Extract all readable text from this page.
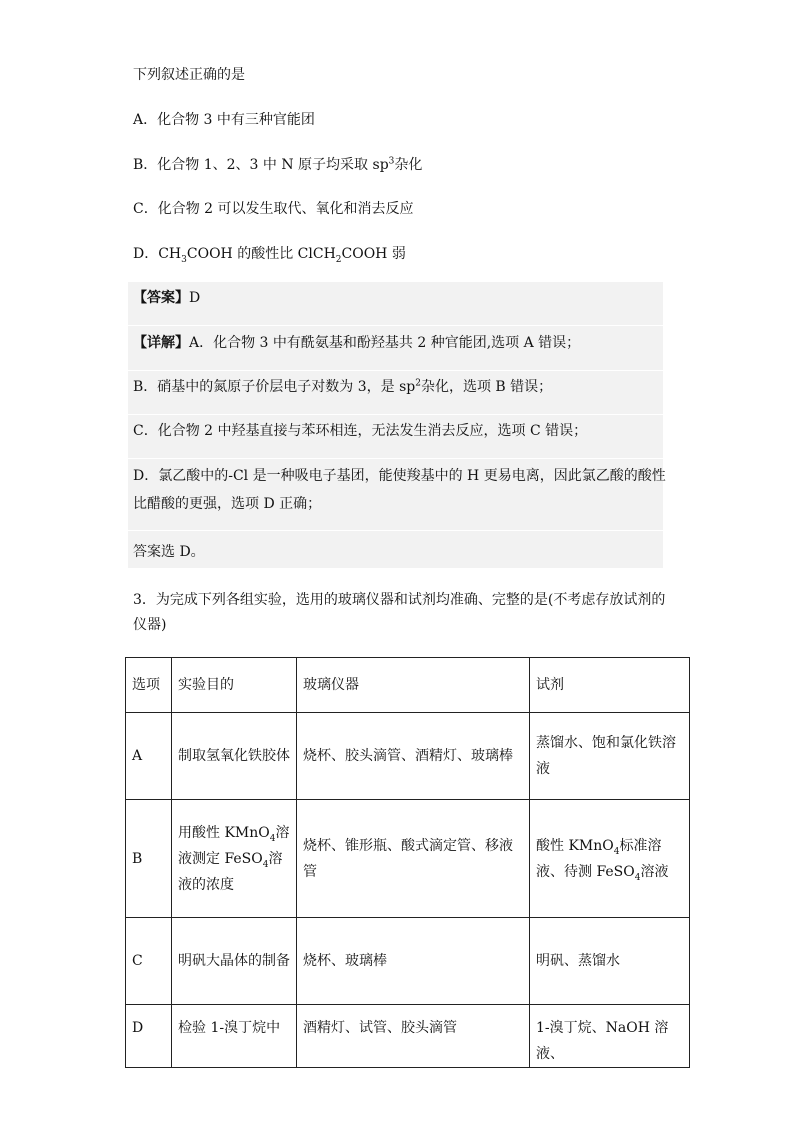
下列叙述正确的是
A．化合物 3 中有三种官能团
B．化合物 1、2、3 中 N 原子均采取 $sp^3$杂化
C．化合物 2 可以发生取代、氧化和消去反应
D．$CH_3COOH$ 的酸性比 ClCH$_2$COOH 弱
【答案】D
【详解】A．化合物 3 中有酰氨基和酚羟基共 2 种官能团,选项 A 错误；
B．硝基中的氮原子价层电子对数为 3，是 $sp^2$杂化，选项 B 错误；
C．化合物 2 中羟基直接与苯环相连，无法发生消去反应，选项 C 错误；
D．氯乙酸中的-Cl 是一种吸电子基团，能使羧基中的 H 更易电离，因此氯乙酸的酸性
比醋酸的更强，选项 D 正确；
答案选 D。
3．为完成下列各组实验，选用的玻璃仪器和试剂均准确、完整的是(不考虑存放试剂的仪器)
选项	实验目的	玻璃仪器	试剂
A	制取氢氧化铁胶体	烧杯、胶头滴管、酒精灯、玻璃棒	蒸馏水、饱和氯化铁溶液
B	用酸性 KMnO$_4$溶液测定 FeSO$_4$溶液的浓度	烧杯、锥形瓶、酸式滴定管、移液管	酸性 KMnO$_4$标准溶液、待测 FeSO$_4$溶液
C	明矾大晶体的制备	烧杯、玻璃棒	明矾、蒸馏水
D	检验 1-溴丁烷中	酒精灯、试管、胶头滴管	1-溴丁烷、NaOH 溶液、
